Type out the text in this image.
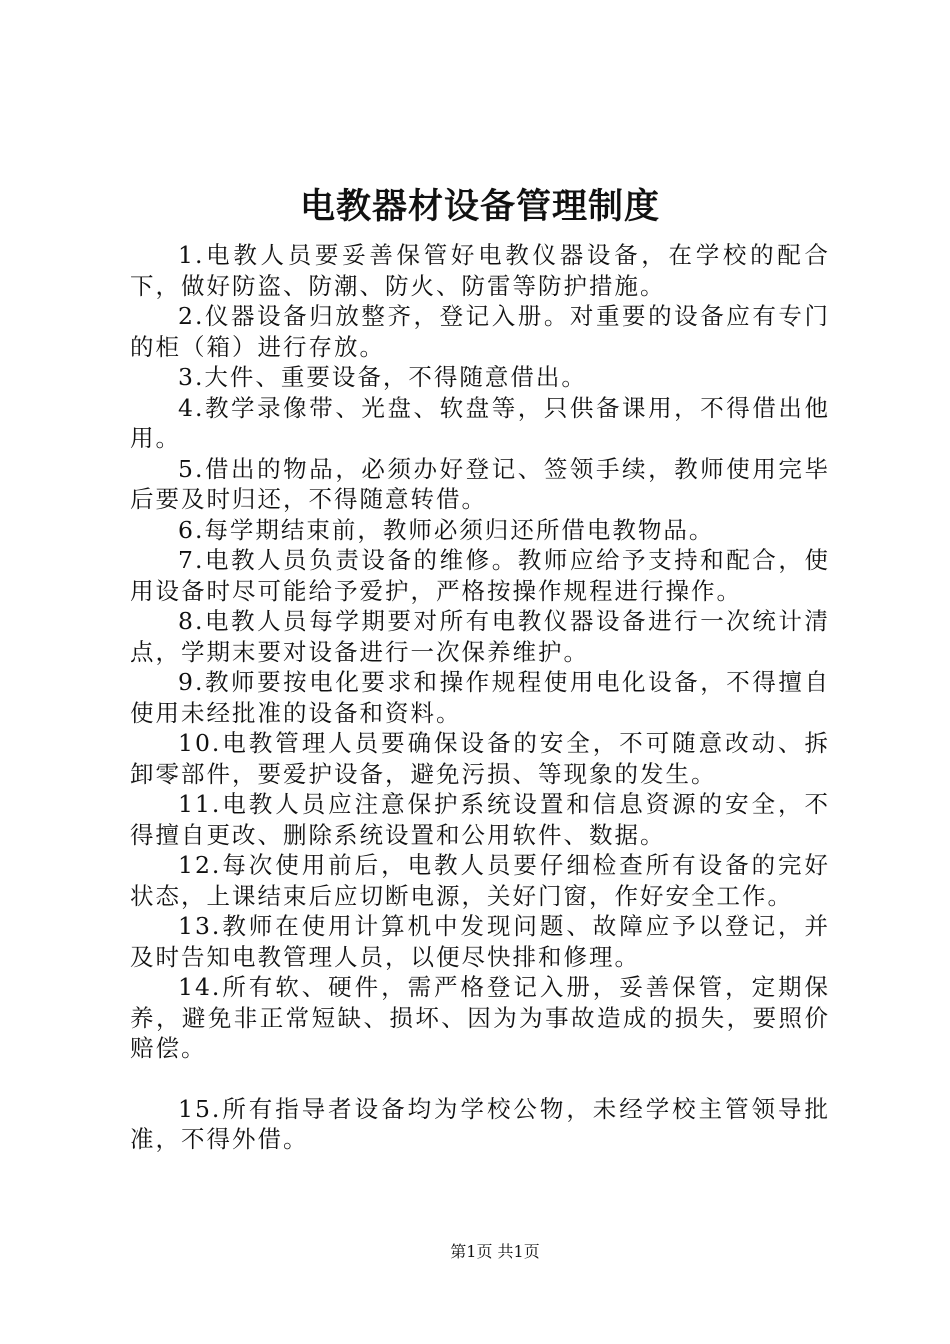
电教器材设备管理制度

1.电教人员要妥善保管好电教仪器设备，在学校的配合下，做好防盗、防潮、防火、防雷等防护措施。

2.仪器设备归放整齐，登记入册。对重要的设备应有专门的柜（箱）进行存放。

3.大件、重要设备，不得随意借出。

4.教学录像带、光盘、软盘等，只供备课用，不得借出他用。

5.借出的物品，必须办好登记、签领手续，教师使用完毕后要及时归还，不得随意转借。

6.每学期结束前，教师必须归还所借电教物品。

7.电教人员负责设备的维修。教师应给予支持和配合，使用设备时尽可能给予爱护，严格按操作规程进行操作。

8.电教人员每学期要对所有电教仪器设备进行一次统计清点，学期末要对设备进行一次保养维护。

9.教师要按电化要求和操作规程使用电化设备，不得擅自使用未经批准的设备和资料。

10.电教管理人员要确保设备的安全，不可随意改动、拆卸零部件，要爱护设备，避免污损、等现象的发生。

11.电教人员应注意保护系统设置和信息资源的安全，不得擅自更改、删除系统设置和公用软件、数据。

12.每次使用前后，电教人员要仔细检查所有设备的完好状态，上课结束后应切断电源，关好门窗，作好安全工作。

13.教师在使用计算机中发现问题、故障应予以登记，并及时告知电教管理人员，以便尽快排和修理。

14.所有软、硬件，需严格登记入册，妥善保管，定期保养，避免非正常短缺、损坏、因为为事故造成的损失，要照价赔偿。

15.所有指导者设备均为学校公物，未经学校主管领导批准，不得外借。

第1页 共1页
